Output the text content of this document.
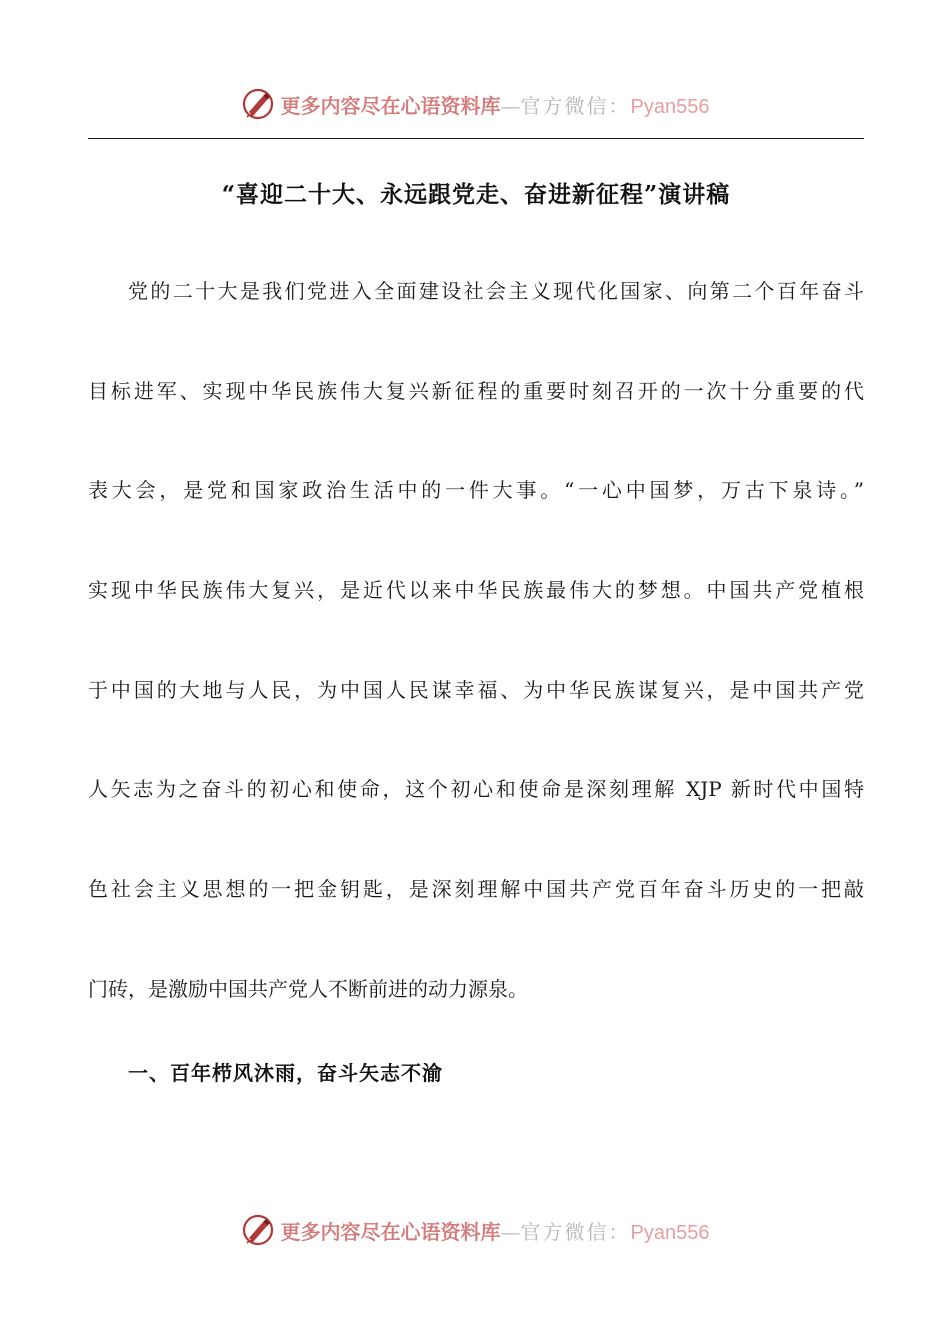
更多内容尽在心语资料库 — 官方微信： Pyan556
“喜迎二十大、永远跟党走、奋进新征程”演讲稿
党的二十大是我们党进入全面建设社会主义现代化国家、向第二个百年奋斗
目标进军、实现中华民族伟大复兴新征程的重要时刻召开的一次十分重要的代
表大会，是党和国家政治生活中的一件大事。“一心中国梦，万古下泉诗。”
实现中华民族伟大复兴，是近代以来中华民族最伟大的梦想。中国共产党植根
于中国的大地与人民，为中国人民谋幸福、为中华民族谋复兴，是中国共产党
人矢志为之奋斗的初心和使命，这个初心和使命是深刻理解 XJP 新时代中国特
色社会主义思想的一把金钥匙，是深刻理解中国共产党百年奋斗历史的一把敲
门砖，是激励中国共产党人不断前进的动力源泉。
一、百年栉风沐雨，奋斗矢志不渝
更多内容尽在心语资料库 — 官方微信： Pyan556
